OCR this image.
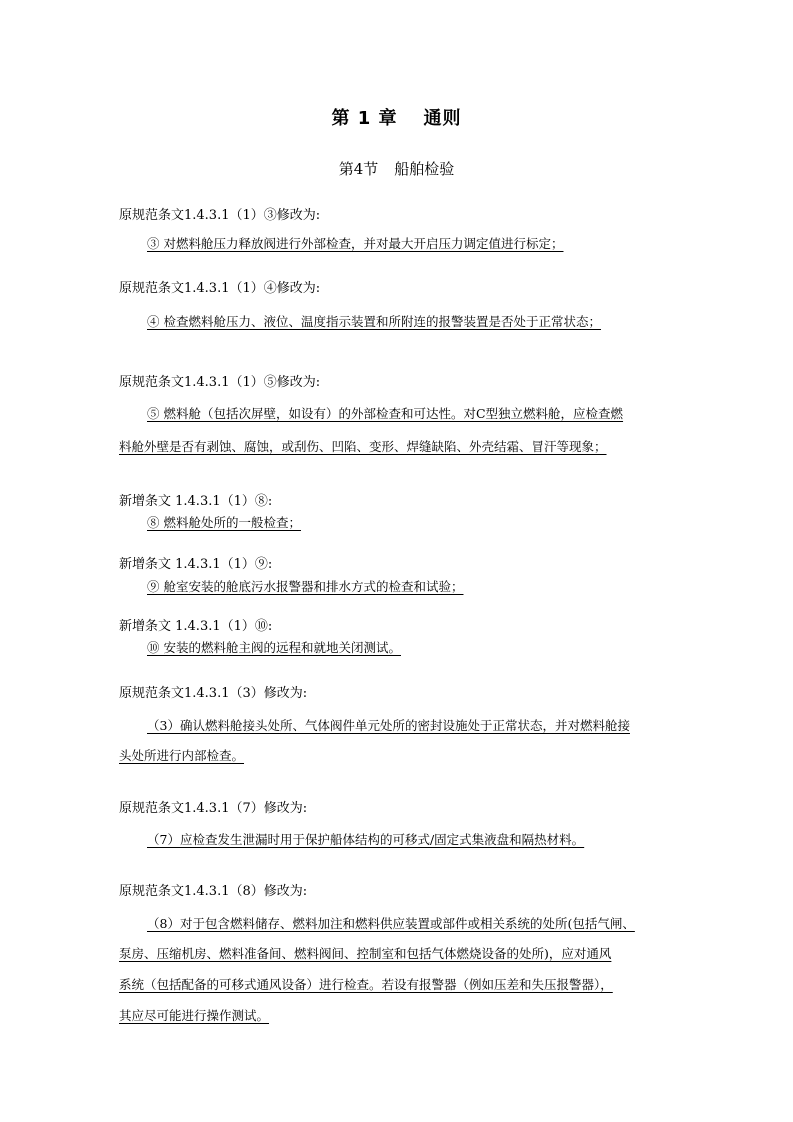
第 1 章 通则
第4节 船舶检验
原规范条文1.4.3.1（1）③修改为:
③ 对燃料舱压力释放阀进行外部检查，并对最大开启压力调定值进行标定；
原规范条文1.4.3.1（1）④修改为:
④ 检查燃料舱压力、液位、温度指示装置和所附连的报警装置是否处于正常状态；
原规范条文1.4.3.1（1）⑤修改为:
⑤ 燃料舱（包括次屏壁，如设有）的外部检查和可达性。对C型独立燃料舱，应检查燃
料舱外壁是否有剥蚀、腐蚀，或刮伤、凹陷、变形、焊缝缺陷、外壳结霜、冒汗等现象；
新增条文 1.4.3.1（1）⑧:
⑧ 燃料舱处所的一般检查；
新增条文 1.4.3.1（1）⑨:
⑨ 舱室安装的舱底污水报警器和排水方式的检查和试验；
新增条文 1.4.3.1（1）⑩:
⑩ 安装的燃料舱主阀的远程和就地关闭测试。
原规范条文1.4.3.1（3）修改为:
（3）确认燃料舱接头处所、气体阀件单元处所的密封设施处于正常状态，并对燃料舱接
头处所进行内部检查。
原规范条文1.4.3.1（7）修改为:
（7）应检查发生泄漏时用于保护船体结构的可移式/固定式集液盘和隔热材料。
原规范条文1.4.3.1（8）修改为:
（8）对于包含燃料储存、燃料加注和燃料供应装置或部件或相关系统的处所(包括气闸、
泵房、压缩机房、燃料准备间、燃料阀间、控制室和包括气体燃烧设备的处所)，应对通风
系统（包括配备的可移式通风设备）进行检查。若设有报警器（例如压差和失压报警器），
其应尽可能进行操作测试。
